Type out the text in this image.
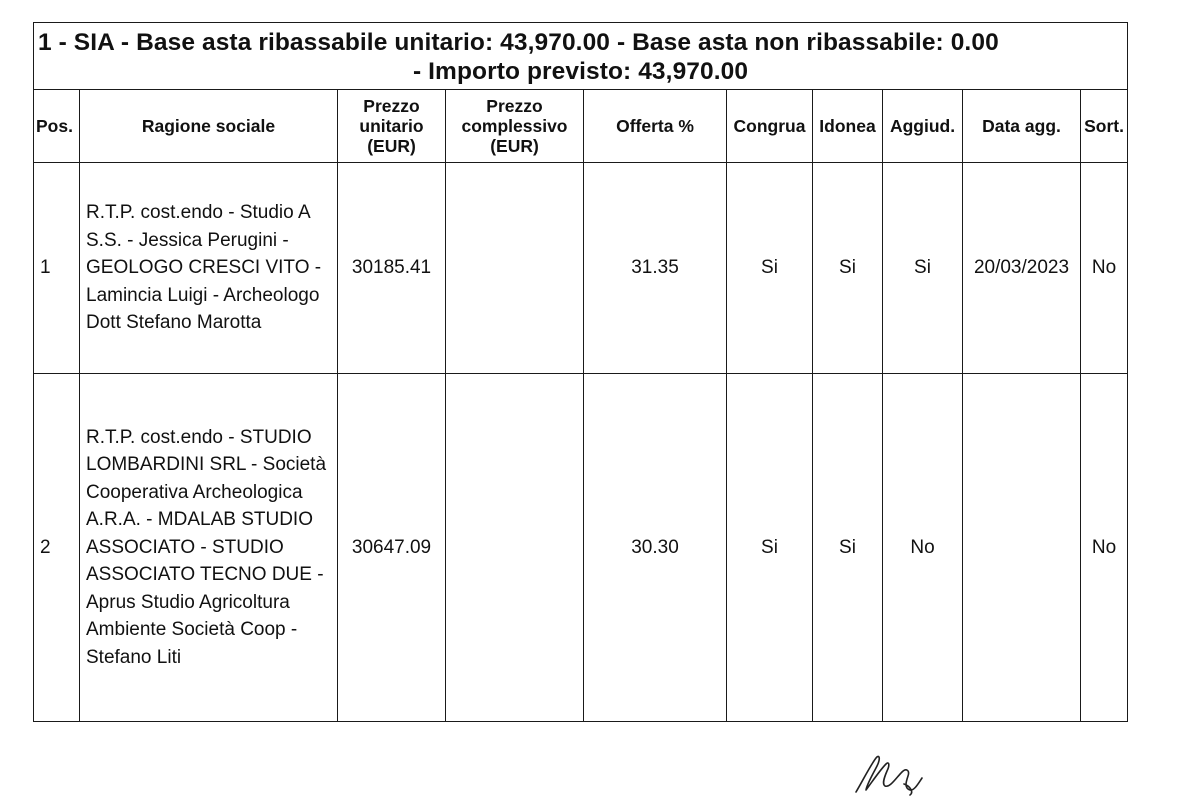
1 - SIA - Base asta ribassabile unitario: 43,970.00 - Base asta non ribassabile: 0.00
- Importo previsto: 43,970.00									

Pos.	Ragione sociale	Prezzo unitario (EUR)	Prezzo complessivo (EUR)	Offerta %	Congrua	Idonea	Aggiud.	Data agg.	Sort.
1	R.T.P. cost.endo - Studio A S.S. - Jessica Perugini - GEOLOGO CRESCI VITO - Lamincia Luigi - Archeologo Dott Stefano Marotta	30185.41		31.35	Si	Si	Si	20/03/2023	No
2	R.T.P. cost.endo - STUDIO LOMBARDINI SRL - Società Cooperativa Archeologica A.R.A. - MDALAB STUDIO ASSOCIATO - STUDIO ASSOCIATO TECNO DUE - Aprus Studio Agricoltura Ambiente Società Coop - Stefano Liti	30647.09		30.30	Si	Si	No		No
